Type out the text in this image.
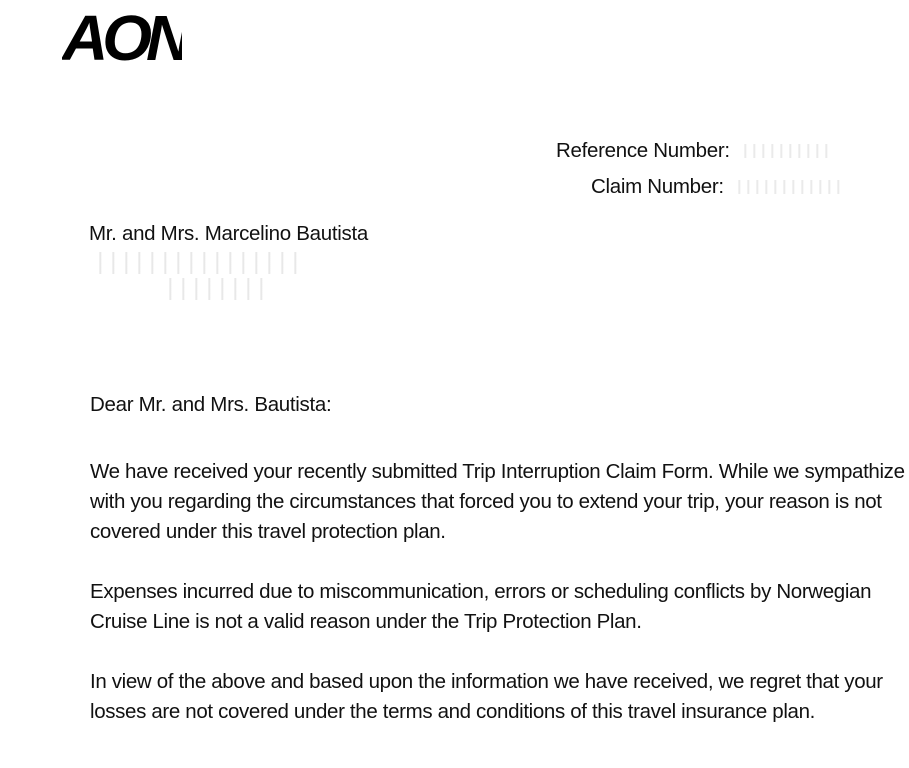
AON
Reference Number:
Claim Number:
Mr. and Mrs. Marcelino Bautista
Dear Mr. and Mrs. Bautista:
We have received your recently submitted Trip Interruption Claim Form. While we sympathize
with you regarding the circumstances that forced you to extend your trip, your reason is not
covered under this travel protection plan.
Expenses incurred due to miscommunication, errors or scheduling conflicts by Norwegian
Cruise Line is not a valid reason under the Trip Protection Plan.
In view of the above and based upon the information we have received, we regret that your
losses are not covered under the terms and conditions of this travel insurance plan.
